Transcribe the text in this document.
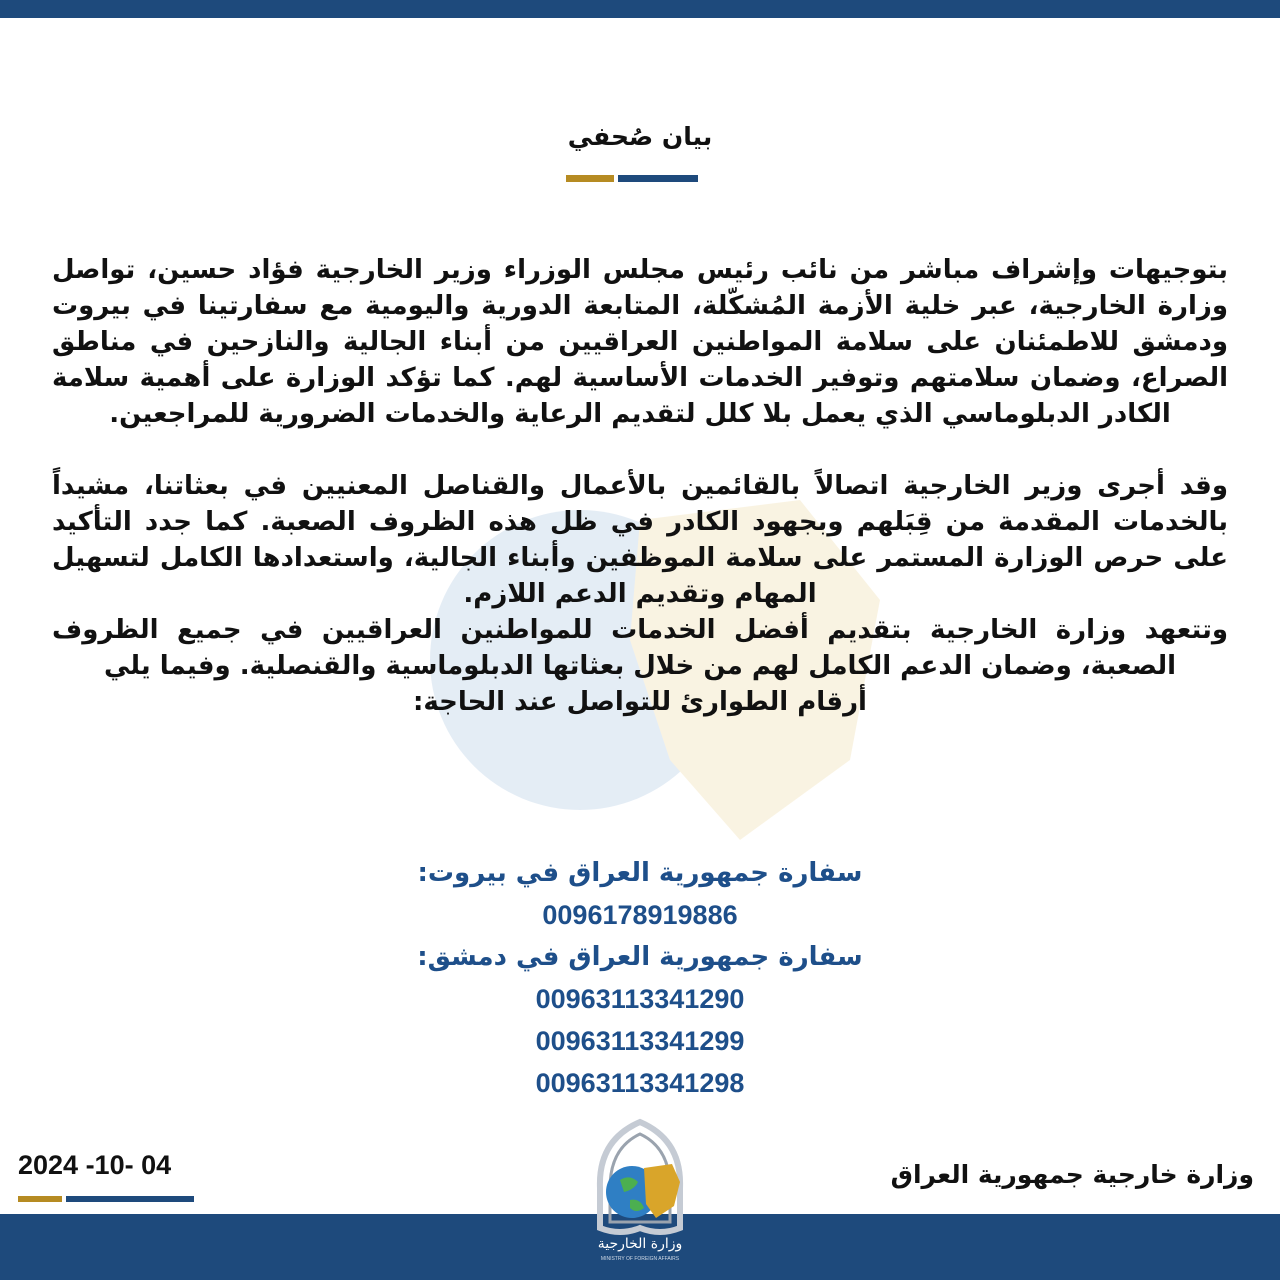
بيان صُحفي

بتوجيهات وإشراف مباشر من نائب رئيس مجلس الوزراء وزير الخارجية فؤاد حسين، تواصل وزارة الخارجية، عبر خلية الأزمة المُشكّلة، المتابعة الدورية واليومية مع سفارتينا في بيروت ودمشق للاطمئنان على سلامة المواطنين العراقيين من أبناء الجالية والنازحين في مناطق الصراع، وضمان سلامتهم وتوفير الخدمات الأساسية لهم. كما تؤكد الوزارة على أهمية سلامة الكادر الدبلوماسي الذي يعمل بلا كلل لتقديم الرعاية والخدمات الضرورية للمراجعين.

وقد أجرى وزير الخارجية اتصالاً بالقائمين بالأعمال والقناصل المعنيين في بعثاتنا، مشيداً بالخدمات المقدمة من قِبَلهم وبجهود الكادر في ظل هذه الظروف الصعبة. كما جدد التأكيد على حرص الوزارة المستمر على سلامة الموظفين وأبناء الجالية، واستعدادها الكامل لتسهيل المهام وتقديم الدعم اللازم.

وتتعهد وزارة الخارجية بتقديم أفضل الخدمات للمواطنين العراقيين في جميع الظروف الصعبة، وضمان الدعم الكامل لهم من خلال بعثاتها الدبلوماسية والقنصلية. وفيما يلي

أرقام الطوارئ للتواصل عند الحاجة:
سفارة جمهورية العراق في بيروت:
0096178919886
سفارة جمهورية العراق في دمشق:
00963113341290
00963113341299
00963113341298
2024 -10- 04	وزارة خارجية جمهورية العراق
وزارة الخارجية
MINISTRY OF FOREIGN AFFAIRS
